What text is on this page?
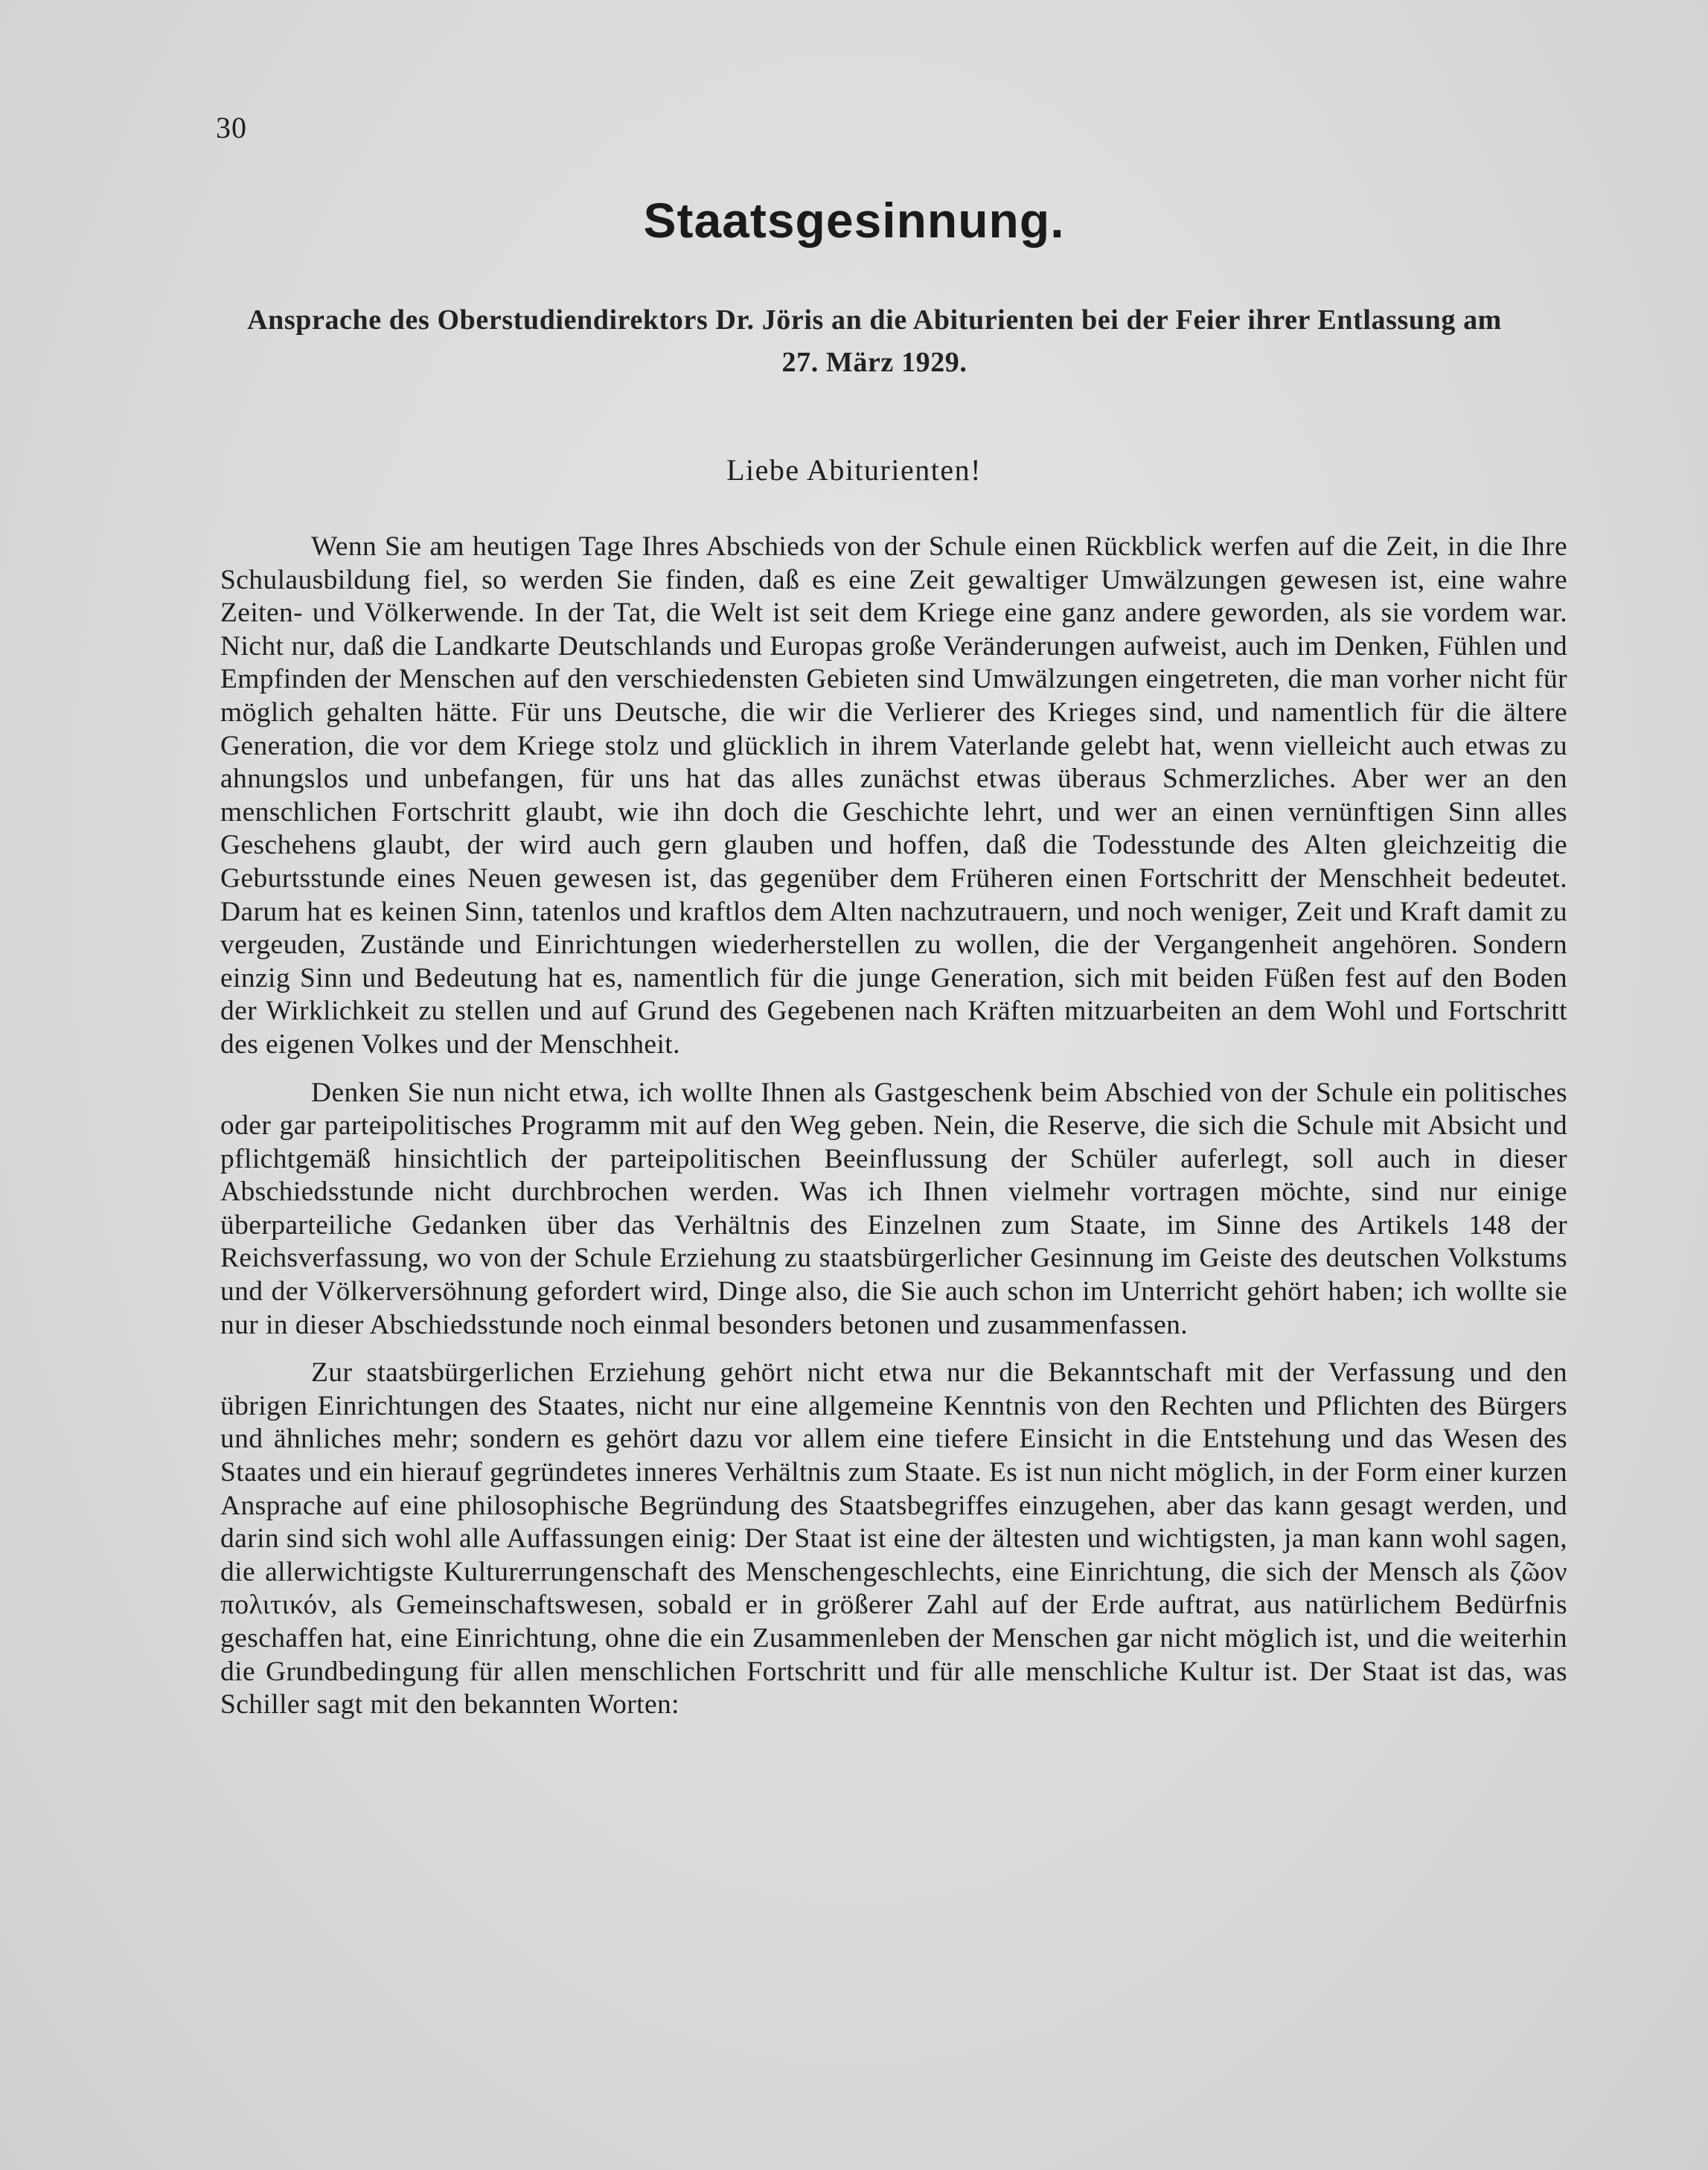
30
Staatsgesinnung.
Ansprache des Oberstudiendirektors Dr. Jöris an die Abiturienten bei der Feier ihrer Entlassung am 27. März 1929.
Liebe Abiturienten!

Wenn Sie am heutigen Tage Ihres Abschieds von der Schule einen Rückblick werfen auf die Zeit, in die Ihre Schulausbildung fiel, so werden Sie finden, daß es eine Zeit gewaltiger Umwälzungen gewesen ist, eine wahre Zeiten- und Völkerwende. In der Tat, die Welt ist seit dem Kriege eine ganz andere geworden, als sie vordem war. Nicht nur, daß die Landkarte Deutschlands und Europas große Veränderungen aufweist, auch im Denken, Fühlen und Empfinden der Menschen auf den verschiedensten Gebieten sind Umwälzungen eingetreten, die man vorher nicht für möglich gehalten hätte. Für uns Deutsche, die wir die Verlierer des Krieges sind, und namentlich für die ältere Generation, die vor dem Kriege stolz und glücklich in ihrem Vaterlande gelebt hat, wenn vielleicht auch etwas zu ahnungslos und unbefangen, für uns hat das alles zunächst etwas überaus Schmerzliches. Aber wer an den menschlichen Fortschritt glaubt, wie ihn doch die Geschichte lehrt, und wer an einen vernünftigen Sinn alles Geschehens glaubt, der wird auch gern glauben und hoffen, daß die Todesstunde des Alten gleichzeitig die Geburtsstunde eines Neuen gewesen ist, das gegenüber dem Früheren einen Fortschritt der Menschheit bedeutet. Darum hat es keinen Sinn, tatenlos und kraftlos dem Alten nachzutrauern, und noch weniger, Zeit und Kraft damit zu vergeuden, Zustände und Einrichtungen wiederherstellen zu wollen, die der Vergangenheit angehören. Sondern einzig Sinn und Bedeutung hat es, namentlich für die junge Generation, sich mit beiden Füßen fest auf den Boden der Wirklichkeit zu stellen und auf Grund des Gegebenen nach Kräften mitzuarbeiten an dem Wohl und Fortschritt des eigenen Volkes und der Menschheit.

Denken Sie nun nicht etwa, ich wollte Ihnen als Gastgeschenk beim Abschied von der Schule ein politisches oder gar parteipolitisches Programm mit auf den Weg geben. Nein, die Reserve, die sich die Schule mit Absicht und pflichtgemäß hinsichtlich der parteipolitischen Beeinflussung der Schüler auferlegt, soll auch in dieser Abschiedsstunde nicht durchbrochen werden. Was ich Ihnen vielmehr vortragen möchte, sind nur einige überparteiliche Gedanken über das Verhältnis des Einzelnen zum Staate, im Sinne des Artikels 148 der Reichsverfassung, wo von der Schule Erziehung zu staatsbürgerlicher Gesinnung im Geiste des deutschen Volkstums und der Völkerversöhnung gefordert wird, Dinge also, die Sie auch schon im Unterricht gehört haben; ich wollte sie nur in dieser Abschiedsstunde noch einmal besonders betonen und zusammenfassen.

Zur staatsbürgerlichen Erziehung gehört nicht etwa nur die Bekanntschaft mit der Verfassung und den übrigen Einrichtungen des Staates, nicht nur eine allgemeine Kenntnis von den Rechten und Pflichten des Bürgers und ähnliches mehr; sondern es gehört dazu vor allem eine tiefere Einsicht in die Entstehung und das Wesen des Staates und ein hierauf gegründetes inneres Verhältnis zum Staate. Es ist nun nicht möglich, in der Form einer kurzen Ansprache auf eine philosophische Begründung des Staatsbegriffes einzugehen, aber das kann gesagt werden, und darin sind sich wohl alle Auffassungen einig: Der Staat ist eine der ältesten und wichtigsten, ja man kann wohl sagen, die allerwichtigste Kulturerrungenschaft des Menschengeschlechts, eine Einrichtung, die sich der Mensch als ζῶον πολιτικόν, als Gemeinschaftswesen, sobald er in größerer Zahl auf der Erde auftrat, aus natürlichem Bedürfnis geschaffen hat, eine Einrichtung, ohne die ein Zusammenleben der Menschen gar nicht möglich ist, und die weiterhin die Grundbedingung für allen menschlichen Fortschritt und für alle menschliche Kultur ist. Der Staat ist das, was Schiller sagt mit den bekannten Worten:
